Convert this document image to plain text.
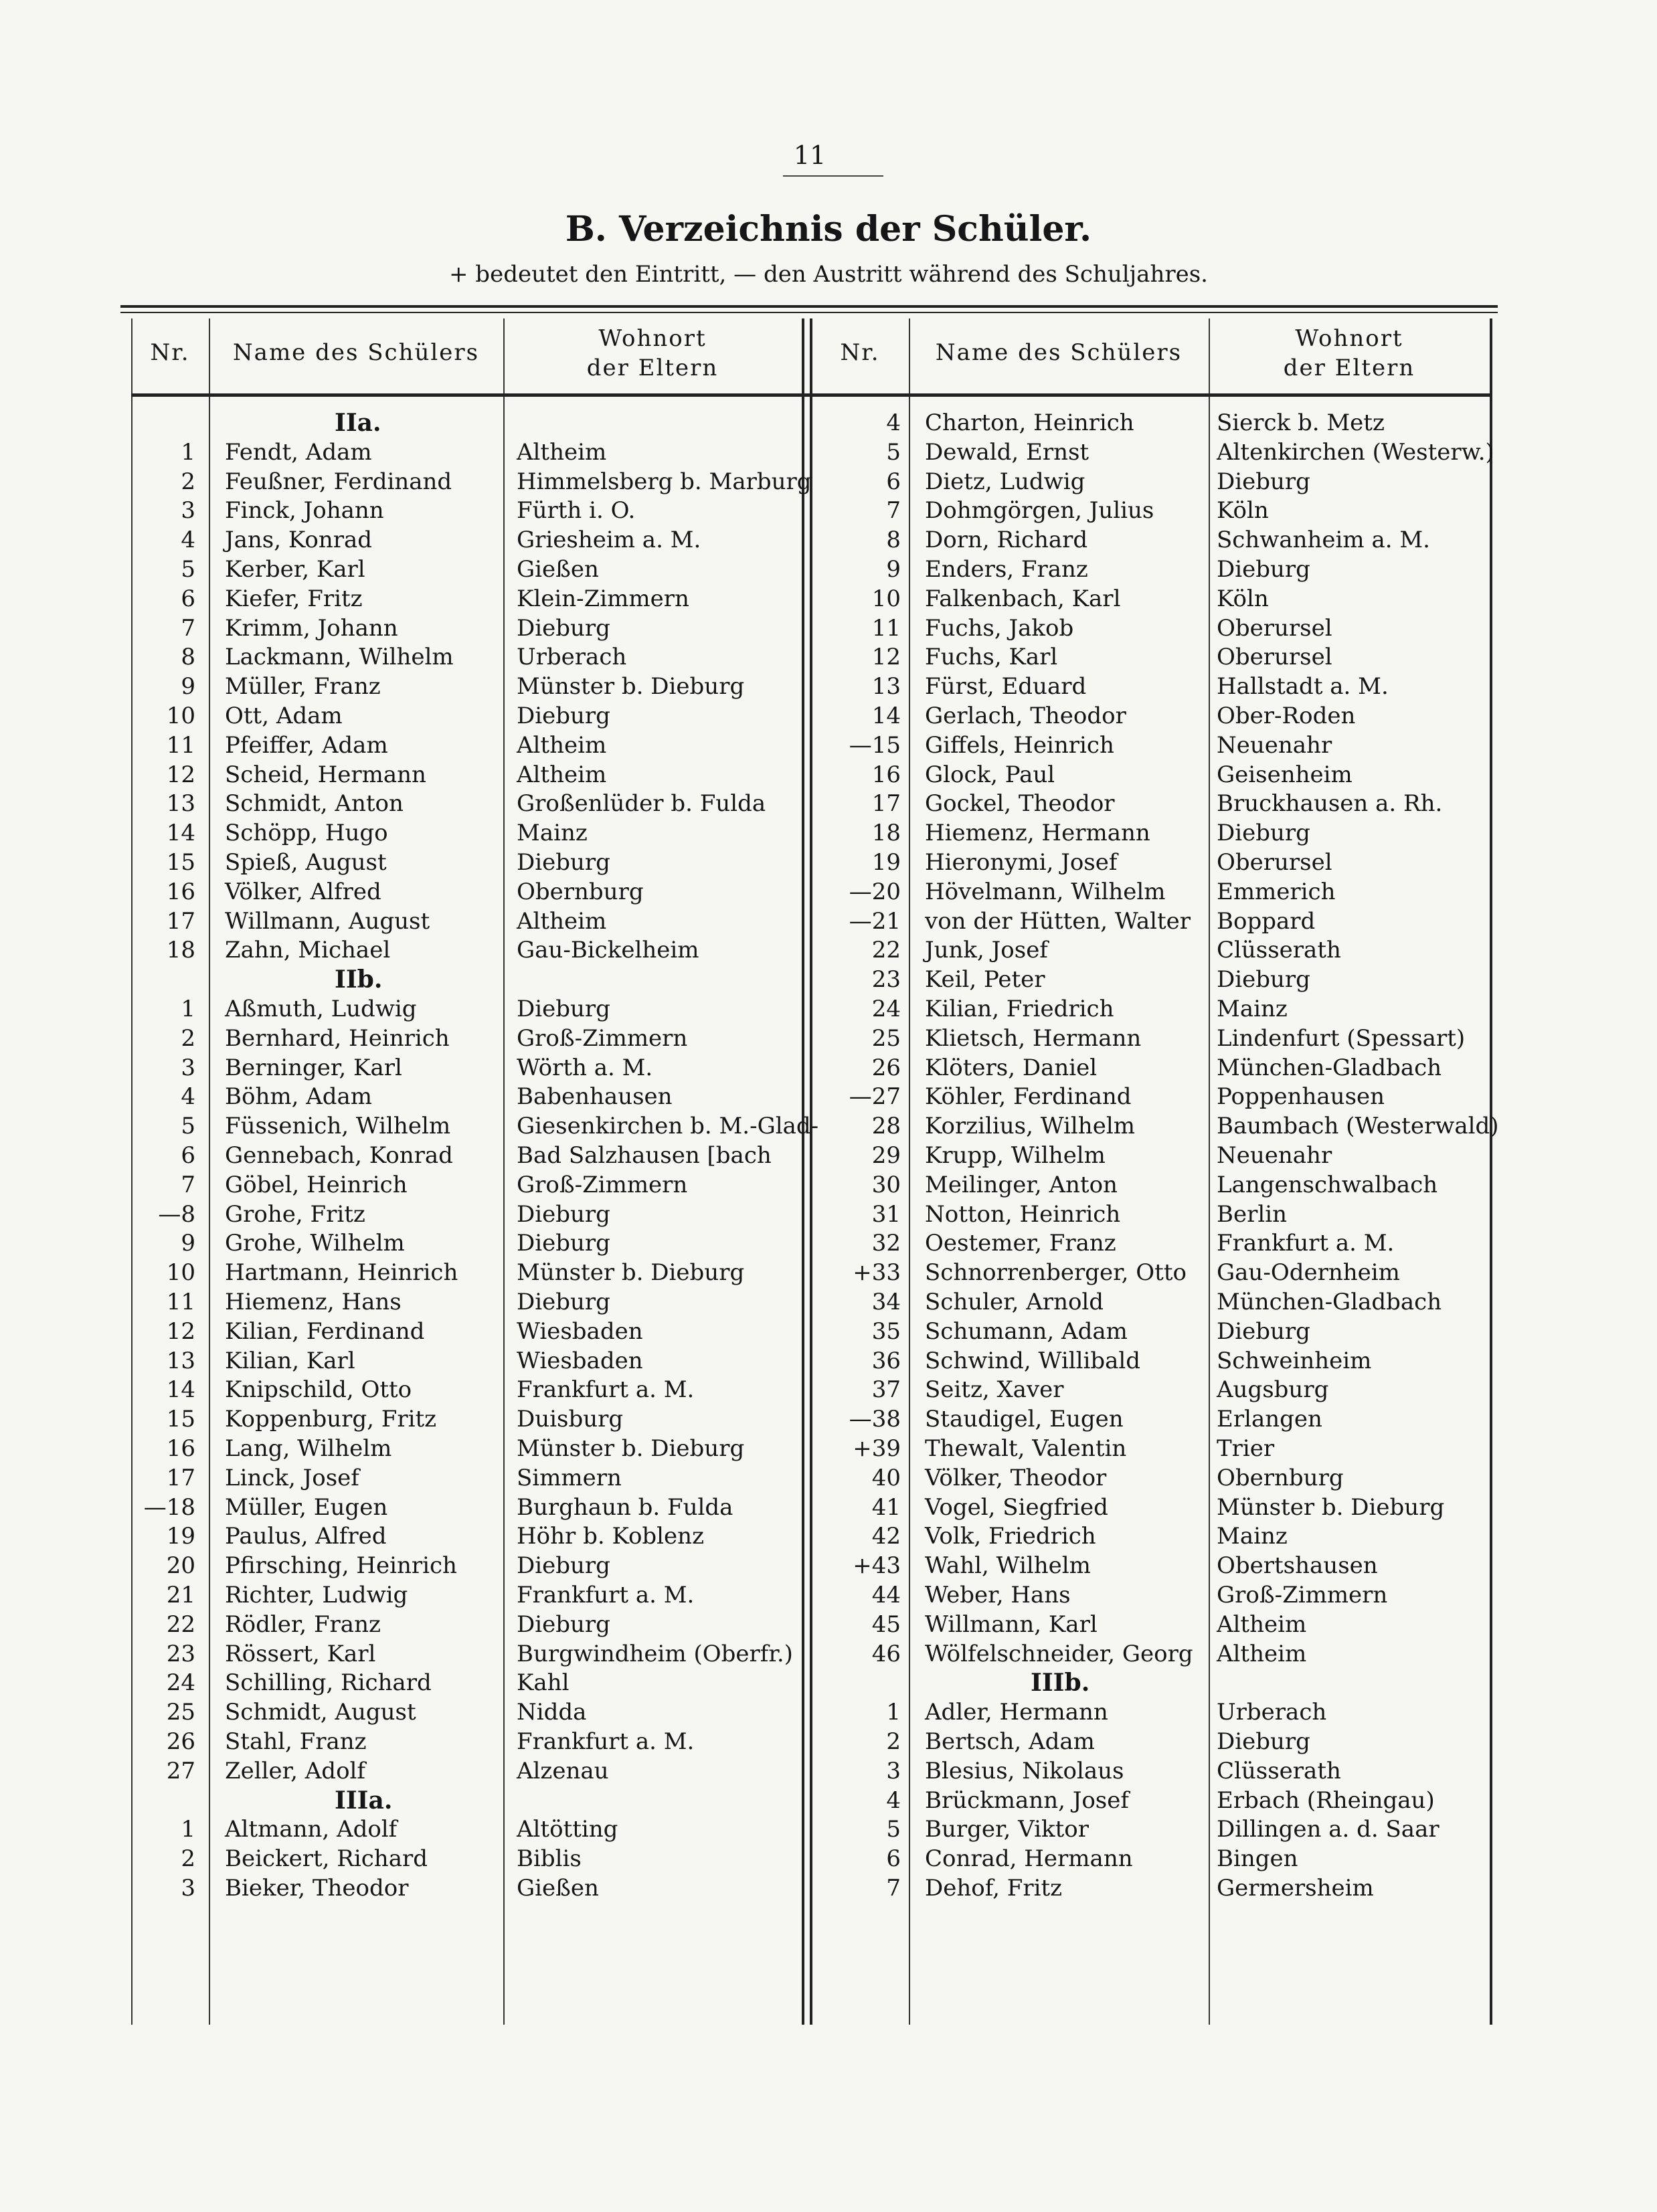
11
B. Verzeichnis der Schüler.
+ bedeutet den Eintritt, — den Austritt während des Schuljahres.
Nr.	Name des Schülers
Wohnort
der Eltern
Nr.	Name des Schülers
Wohnort
der Eltern
IIa.
1 Fendt, Adam	Altheim
2 Feußner, Ferdinand	Himmelsberg b. Marburg
3 Finck, Johann	Fürth i. O.
4 Jans, Konrad	Griesheim a. M.
5 Kerber, Karl	Gießen
6 Kiefer, Fritz	Klein-Zimmern
7 Krimm, Johann	Dieburg
8 Lackmann, Wilhelm	Urberach
9 Müller, Franz	Münster b. Dieburg
10 Ott, Adam	Dieburg
11 Pfeiffer, Adam	Altheim
12 Scheid, Hermann	Altheim
13 Schmidt, Anton	Großenlüder b. Fulda
14 Schöpp, Hugo	Mainz
15 Spieß, August	Dieburg
16 Völker, Alfred	Obernburg
17 Willmann, August	Altheim
18 Zahn, Michael	Gau-Bickelheim
IIb.
1 Aßmuth, Ludwig	Dieburg
2 Bernhard, Heinrich	Groß-Zimmern
3 Berninger, Karl	Wörth a. M.
4 Böhm, Adam	Babenhausen
5 Füssenich, Wilhelm	Giesenkirchen b. M.-Glad-
6 Gennebach, Konrad	Bad Salzhausen [bach
7 Göbel, Heinrich	Groß-Zimmern
—8 Grohe, Fritz	Dieburg
9 Grohe, Wilhelm	Dieburg
10 Hartmann, Heinrich	Münster b. Dieburg
11 Hiemenz, Hans	Dieburg
12 Kilian, Ferdinand	Wiesbaden
13 Kilian, Karl	Wiesbaden
14 Knipschild, Otto	Frankfurt a. M.
15 Koppenburg, Fritz	Duisburg
16 Lang, Wilhelm	Münster b. Dieburg
17 Linck, Josef	Simmern
—18 Müller, Eugen	Burghaun b. Fulda
19 Paulus, Alfred	Höhr b. Koblenz
20 Pfirsching, Heinrich	Dieburg
21 Richter, Ludwig	Frankfurt a. M.
22 Rödler, Franz	Dieburg
23 Rössert, Karl	Burgwindheim (Oberfr.)
24 Schilling, Richard	Kahl
25 Schmidt, August	Nidda
26 Stahl, Franz	Frankfurt a. M.
27 Zeller, Adolf	Alzenau
IIIa.
1 Altmann, Adolf	Altötting
2 Beickert, Richard	Biblis
3 Bieker, Theodor	Gießen
4 Charton, Heinrich	Sierck b. Metz
5 Dewald, Ernst	Altenkirchen (Westerw.)
6 Dietz, Ludwig	Dieburg
7 Dohmgörgen, Julius	Köln
8 Dorn, Richard	Schwanheim a. M.
9 Enders, Franz	Dieburg
10 Falkenbach, Karl	Köln
11 Fuchs, Jakob	Oberursel
12 Fuchs, Karl	Oberursel
13 Fürst, Eduard	Hallstadt a. M.
14 Gerlach, Theodor	Ober-Roden
—15 Giffels, Heinrich	Neuenahr
16 Glock, Paul	Geisenheim
17 Gockel, Theodor	Bruckhausen a. Rh.
18 Hiemenz, Hermann	Dieburg
19 Hieronymi, Josef	Oberursel
—20 Hövelmann, Wilhelm Emmerich
—21 von der Hütten, Walter Boppard
22 Junk, Josef	Clüsserath
23 Keil, Peter	Dieburg
24 Kilian, Friedrich	Mainz
25 Klietsch, Hermann	Lindenfurt (Spessart)
26 Klöters, Daniel	München-Gladbach
—27 Köhler, Ferdinand	Poppenhausen
28 Korzilius, Wilhelm	Baumbach (Westerwald)
29 Krupp, Wilhelm	Neuenahr
30 Meilinger, Anton	Langenschwalbach
31 Notton, Heinrich	Berlin
32 Oestemer, Franz	Frankfurt a. M.
+33 Schnorrenberger, Otto Gau-Odernheim
34 Schuler, Arnold	München-Gladbach
35 Schumann, Adam	Dieburg
36 Schwind, Willibald	Schweinheim
37 Seitz, Xaver	Augsburg
—38 Staudigel, Eugen	Erlangen
+39 Thewalt, Valentin	Trier
40 Völker, Theodor	Obernburg
41 Vogel, Siegfried	Münster b. Dieburg
42 Volk, Friedrich	Mainz
+43 Wahl, Wilhelm	Obertshausen
44 Weber, Hans	Groß-Zimmern
45 Willmann, Karl	Altheim
46 Wölfelschneider, Georg Altheim
IIIb.
1 Adler, Hermann	Urberach
2 Bertsch, Adam	Dieburg
3 Blesius, Nikolaus	Clüsserath
4 Brückmann, Josef	Erbach (Rheingau)
5 Burger, Viktor	Dillingen a. d. Saar
6 Conrad, Hermann	Bingen
7 Dehof, Fritz	Germersheim
